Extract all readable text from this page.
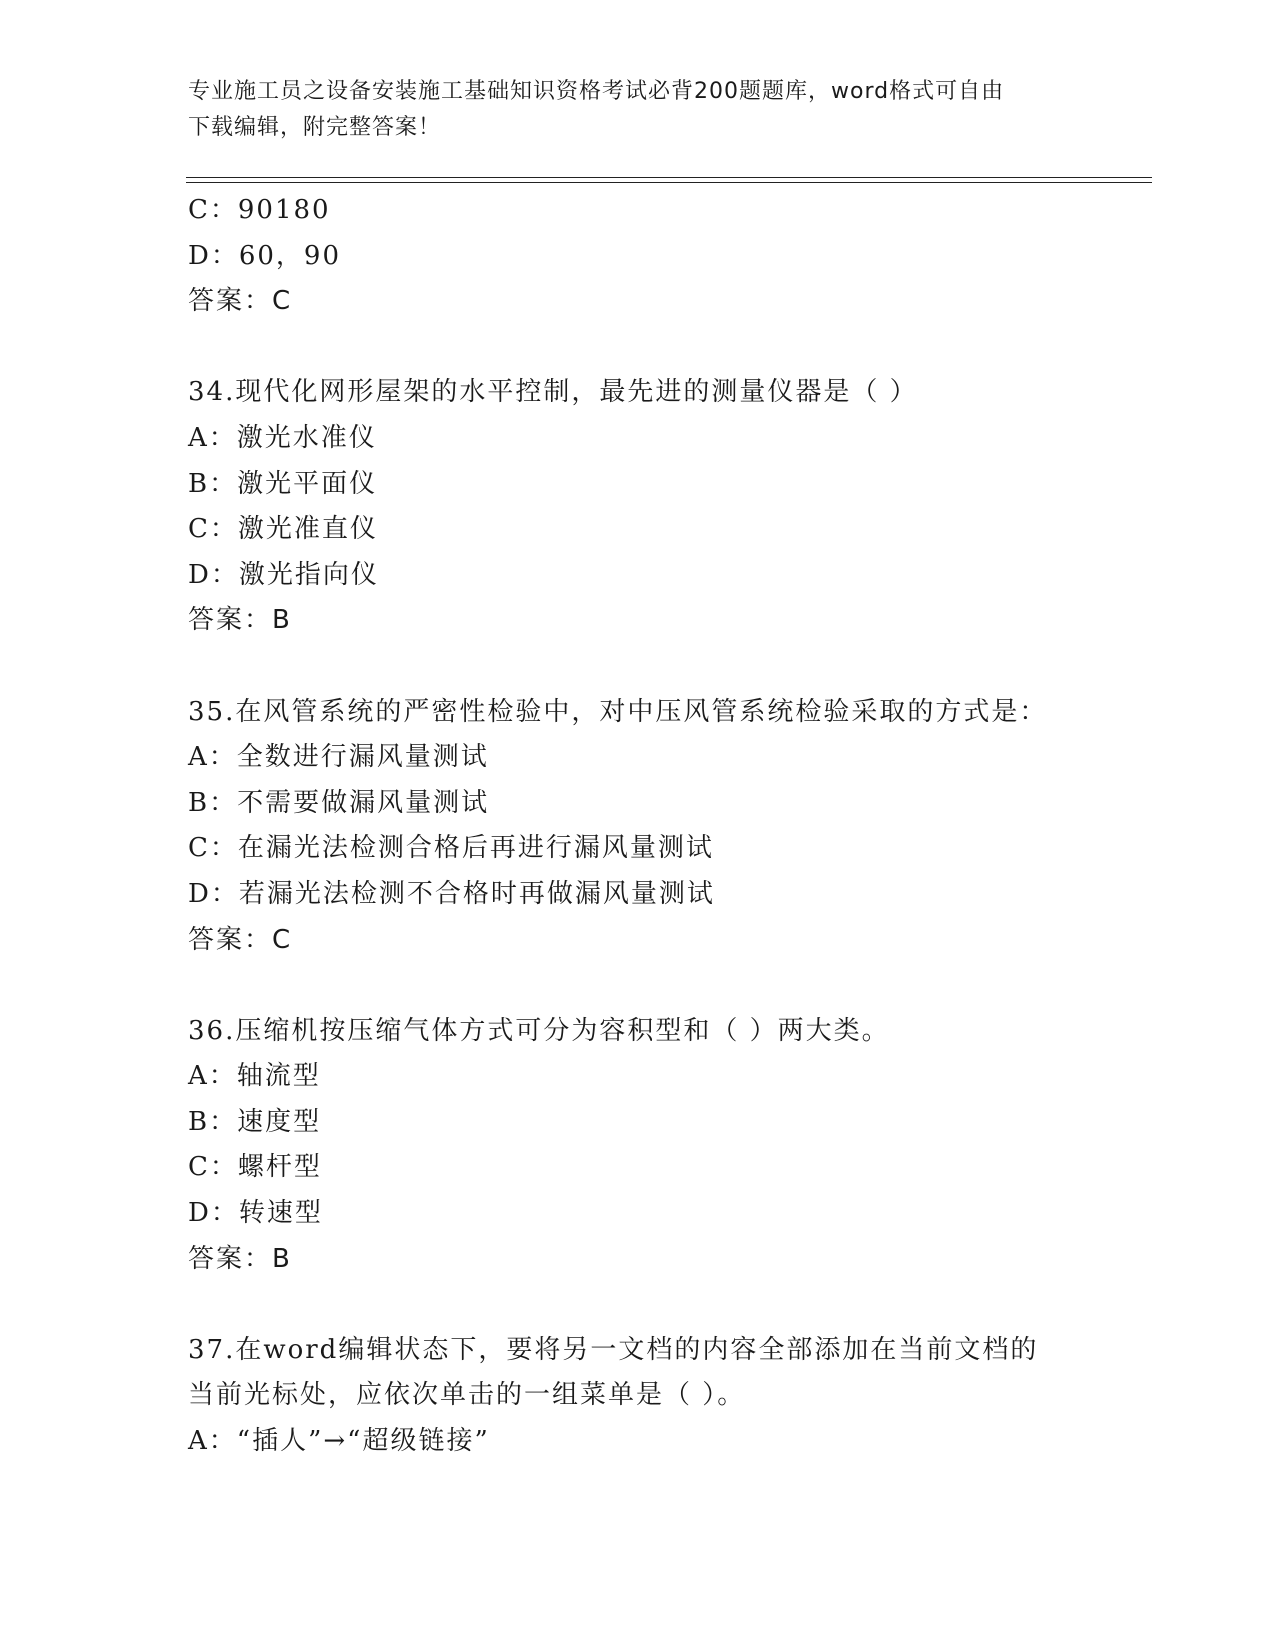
专业施工员之设备安装施工基础知识资格考试必背200题题库，word格式可自由
下载编辑，附完整答案！
C：90180
D：60，90
答案：C
34.现代化网形屋架的水平控制，最先进的测量仪器是（ ）
A：激光水准仪
B：激光平面仪
C：激光准直仪
D：激光指向仪
答案：B
35.在风管系统的严密性检验中，对中压风管系统检验采取的方式是：
A：全数进行漏风量测试
B：不需要做漏风量测试
C：在漏光法检测合格后再进行漏风量测试
D：若漏光法检测不合格时再做漏风量测试
答案：C
36.压缩机按压缩气体方式可分为容积型和（ ）两大类。
A：轴流型
B：速度型
C：螺杆型
D：转速型
答案：B
37.在word编辑状态下，要将另一文档的内容全部添加在当前文档的
当前光标处，应依次单击的一组菜单是（ ）。
A：“插人”→“超级链接”
